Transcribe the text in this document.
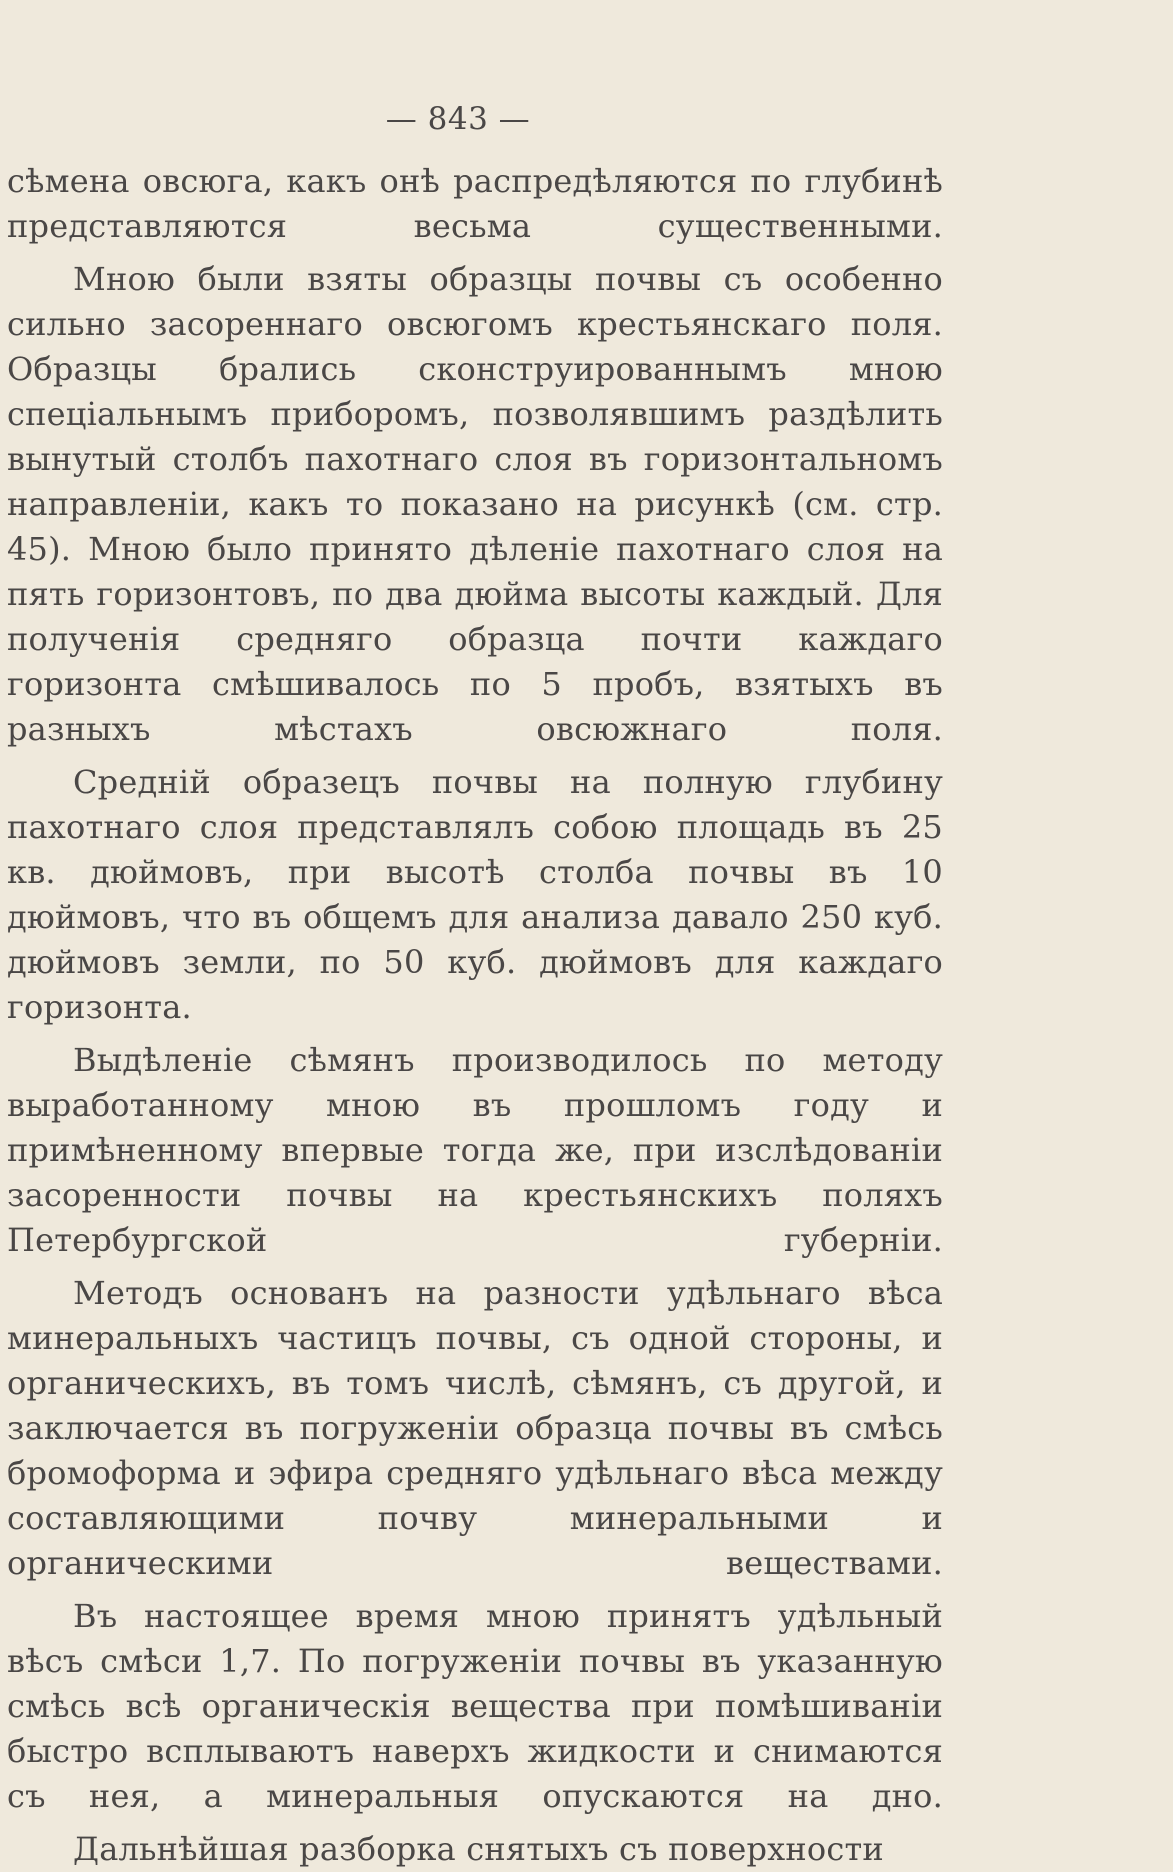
— 843 —

сѣмена овсюга, какъ онѣ распредѣляются по глубинѣ представляются весьма существенными.

Мною были взяты образцы почвы съ особенно сильно засореннаго овсюгомъ крестьянскаго поля. Образцы брались сконструированнымъ мною спеціальнымъ приборомъ, позволявшимъ раздѣлить вынутый столбъ пахотнаго слоя въ горизонтальномъ направленіи, какъ то показано на рисункѣ (см. стр. 45). Мною было принято дѣленіе пахотнаго слоя на пять горизонтовъ, по два дюйма высоты каждый. Для полученія средняго образца почти каждаго горизонта смѣшивалось по 5 пробъ, взятыхъ въ разныхъ мѣстахъ овсюжнаго поля.

Среднiй образецъ почвы на полную глубину пахотнаго слоя представлялъ собою площадь въ 25 кв. дюймовъ, при высотѣ столба почвы въ 10 дюймовъ, что въ общемъ для анализа давало 250 куб. дюймовъ земли, по 50 куб. дюймовъ для каждаго горизонта.

Выдѣленіе сѣмянъ производилось по методу выработанному мною въ прошломъ году и примѣненному впервые тогда же, при изслѣдованіи засоренности почвы на крестьянскихъ поляхъ Петербургской губерніи.

Методъ основанъ на разности удѣльнаго вѣса минеральныхъ частицъ почвы, съ одной стороны, и органическихъ, въ томъ числѣ, сѣмянъ, съ другой, и заключается въ погруженіи образца почвы въ смѣсь бромоформа и эфира средняго удѣльнаго вѣса между составляющими почву минеральными и органическими веществами.

Въ настоящее время мною принятъ удѣльный вѣсъ смѣси 1,7. По погруженіи почвы въ указанную смѣсь всѣ органическія вещества при помѣшиваніи быстро всплываютъ наверхъ жидкости и снимаются съ нея, а минеральныя опускаются на дно.

Дальнѣйшая разборка снятыхъ съ поверхности
